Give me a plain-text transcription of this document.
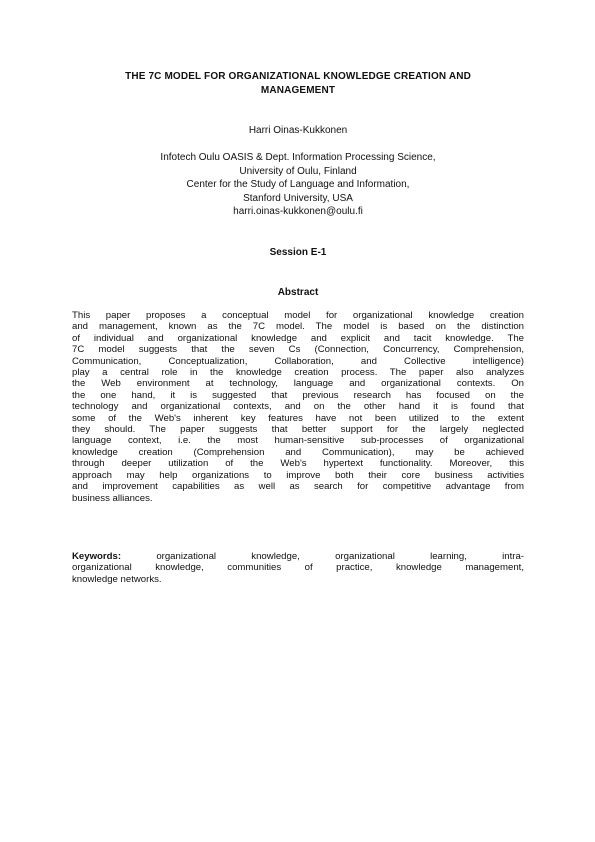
THE 7C MODEL FOR ORGANIZATIONAL KNOWLEDGE CREATION AND
MANAGEMENT
Harri Oinas-Kukkonen
Infotech Oulu OASIS & Dept. Information Processing Science,
University of Oulu, Finland
Center for the Study of Language and Information,
Stanford University, USA
harri.oinas-kukkonen@oulu.fi
Session E-1
Abstract
This paper proposes a conceptual model for organizational knowledge creation
and management, known as the 7C model. The model is based on the distinction
of individual and organizational knowledge and explicit and tacit knowledge. The
7C model suggests that the seven Cs (Connection, Concurrency, Comprehension,
Communication, Conceptualization, Collaboration, and Collective intelligence)
play a central role in the knowledge creation process. The paper also analyzes
the Web environment at technology, language and organizational contexts. On
the one hand, it is suggested that previous research has focused on the
technology and organizational contexts, and on the other hand it is found that
some of the Web's inherent key features have not been utilized to the extent
they should. The paper suggests that better support for the largely neglected
language context, i.e. the most human-sensitive sub-processes of organizational
knowledge creation (Comprehension and Communication), may be achieved
through deeper utilization of the Web's hypertext functionality. Moreover, this
approach may help organizations to improve both their core business activities
and improvement capabilities as well as search for competitive advantage from
business alliances.
Keywords:	organizational knowledge, organizational learning, intra-
organizational knowledge, communities of practice, knowledge management,
knowledge networks.
